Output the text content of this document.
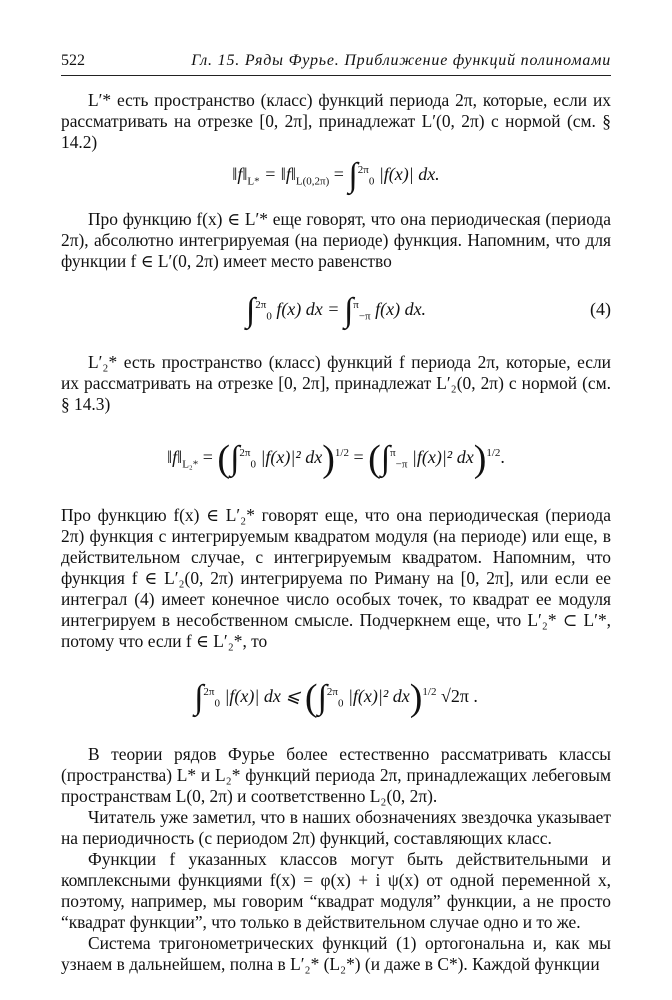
522	Гл. 15. Ряды Фурье. Приближение функций полиномами

L′* есть пространство (класс) функций периода 2π, которые, если их рассматривать на отрезке [0, 2π], принадлежат L′(0, 2π) с нормой (см. § 14.2)

$‖f‖_{L*}$ = $‖f‖_{L(0,2\pi)} = \int^{2\pi}_0$ |f(x)| dx.

Про функцию f(x) ∈ L′* еще говорят, что она периодическая (периода 2π), абсолютно интегрируемая (на периоде) функция. Напомним, что для функции f ∈ L′(0, 2π) имеет место равенство

∫$^{2\pi}_0$ f(x) dx = ∫$^\pi_{-\pi}$ f(x) dx.	(4)

L′₂* есть пространство (класс) функций f периода 2π, которые, если их рассматривать на отрезке [0, 2π], принадлежат L′₂(0, 2π) с нормой (см. § 14.3)

$‖f‖_{L_2*} = (\int^{2\pi}_0$ |f(x)|² dx)$^{1/2}$ = (∫$^\pi_{-\pi}$ |f(x)|² dx)$^{1/2}$.

Про функцию f(x) ∈ L′₂* говорят еще, что она периодическая (периода 2π) функция с интегрируемым квадратом модуля (на периоде) или еще, в действительном случае, с интегрируемым квадратом. Напомним, что функция f ∈ L′₂(0, 2π) интегрируема по Риману на [0, 2π], или если ее интеграл (4) имеет конечное число особых точек, то квадрат ее модуля интегрируем в несобственном смысле. Подчеркнем еще, что L′₂* ⊂ L′*, потому что если f ∈ L′₂*, то

∫$^{2\pi}_0$ |f(x)| dx ⩽ (∫$^{2\pi}_0$ |f(x)|² dx)$^{1/2}$ √2π .

В теории рядов Фурье более естественно рассматривать классы (пространства) L* и L₂* функций периода 2π, принадлежащих лебеговым пространствам L(0, 2π) и соответственно L₂(0, 2π).

Читатель уже заметил, что в наших обозначениях звездочка указывает на периодичность (с периодом 2π) функций, составляющих класс.

Функции f указанных классов могут быть действительными и комплексными функциями f(x) = φ(x) + i ψ(x) от одной переменной x, поэтому, например, мы говорим “квадрат модуля” функции, а не просто “квадрат функции”, что только в действительном случае одно и то же.

Система тригонометрических функций (1) ортогональна и, как мы узнаем в дальнейшем, полна в L′₂* (L₂*) (и даже в C*). Каждой функции
